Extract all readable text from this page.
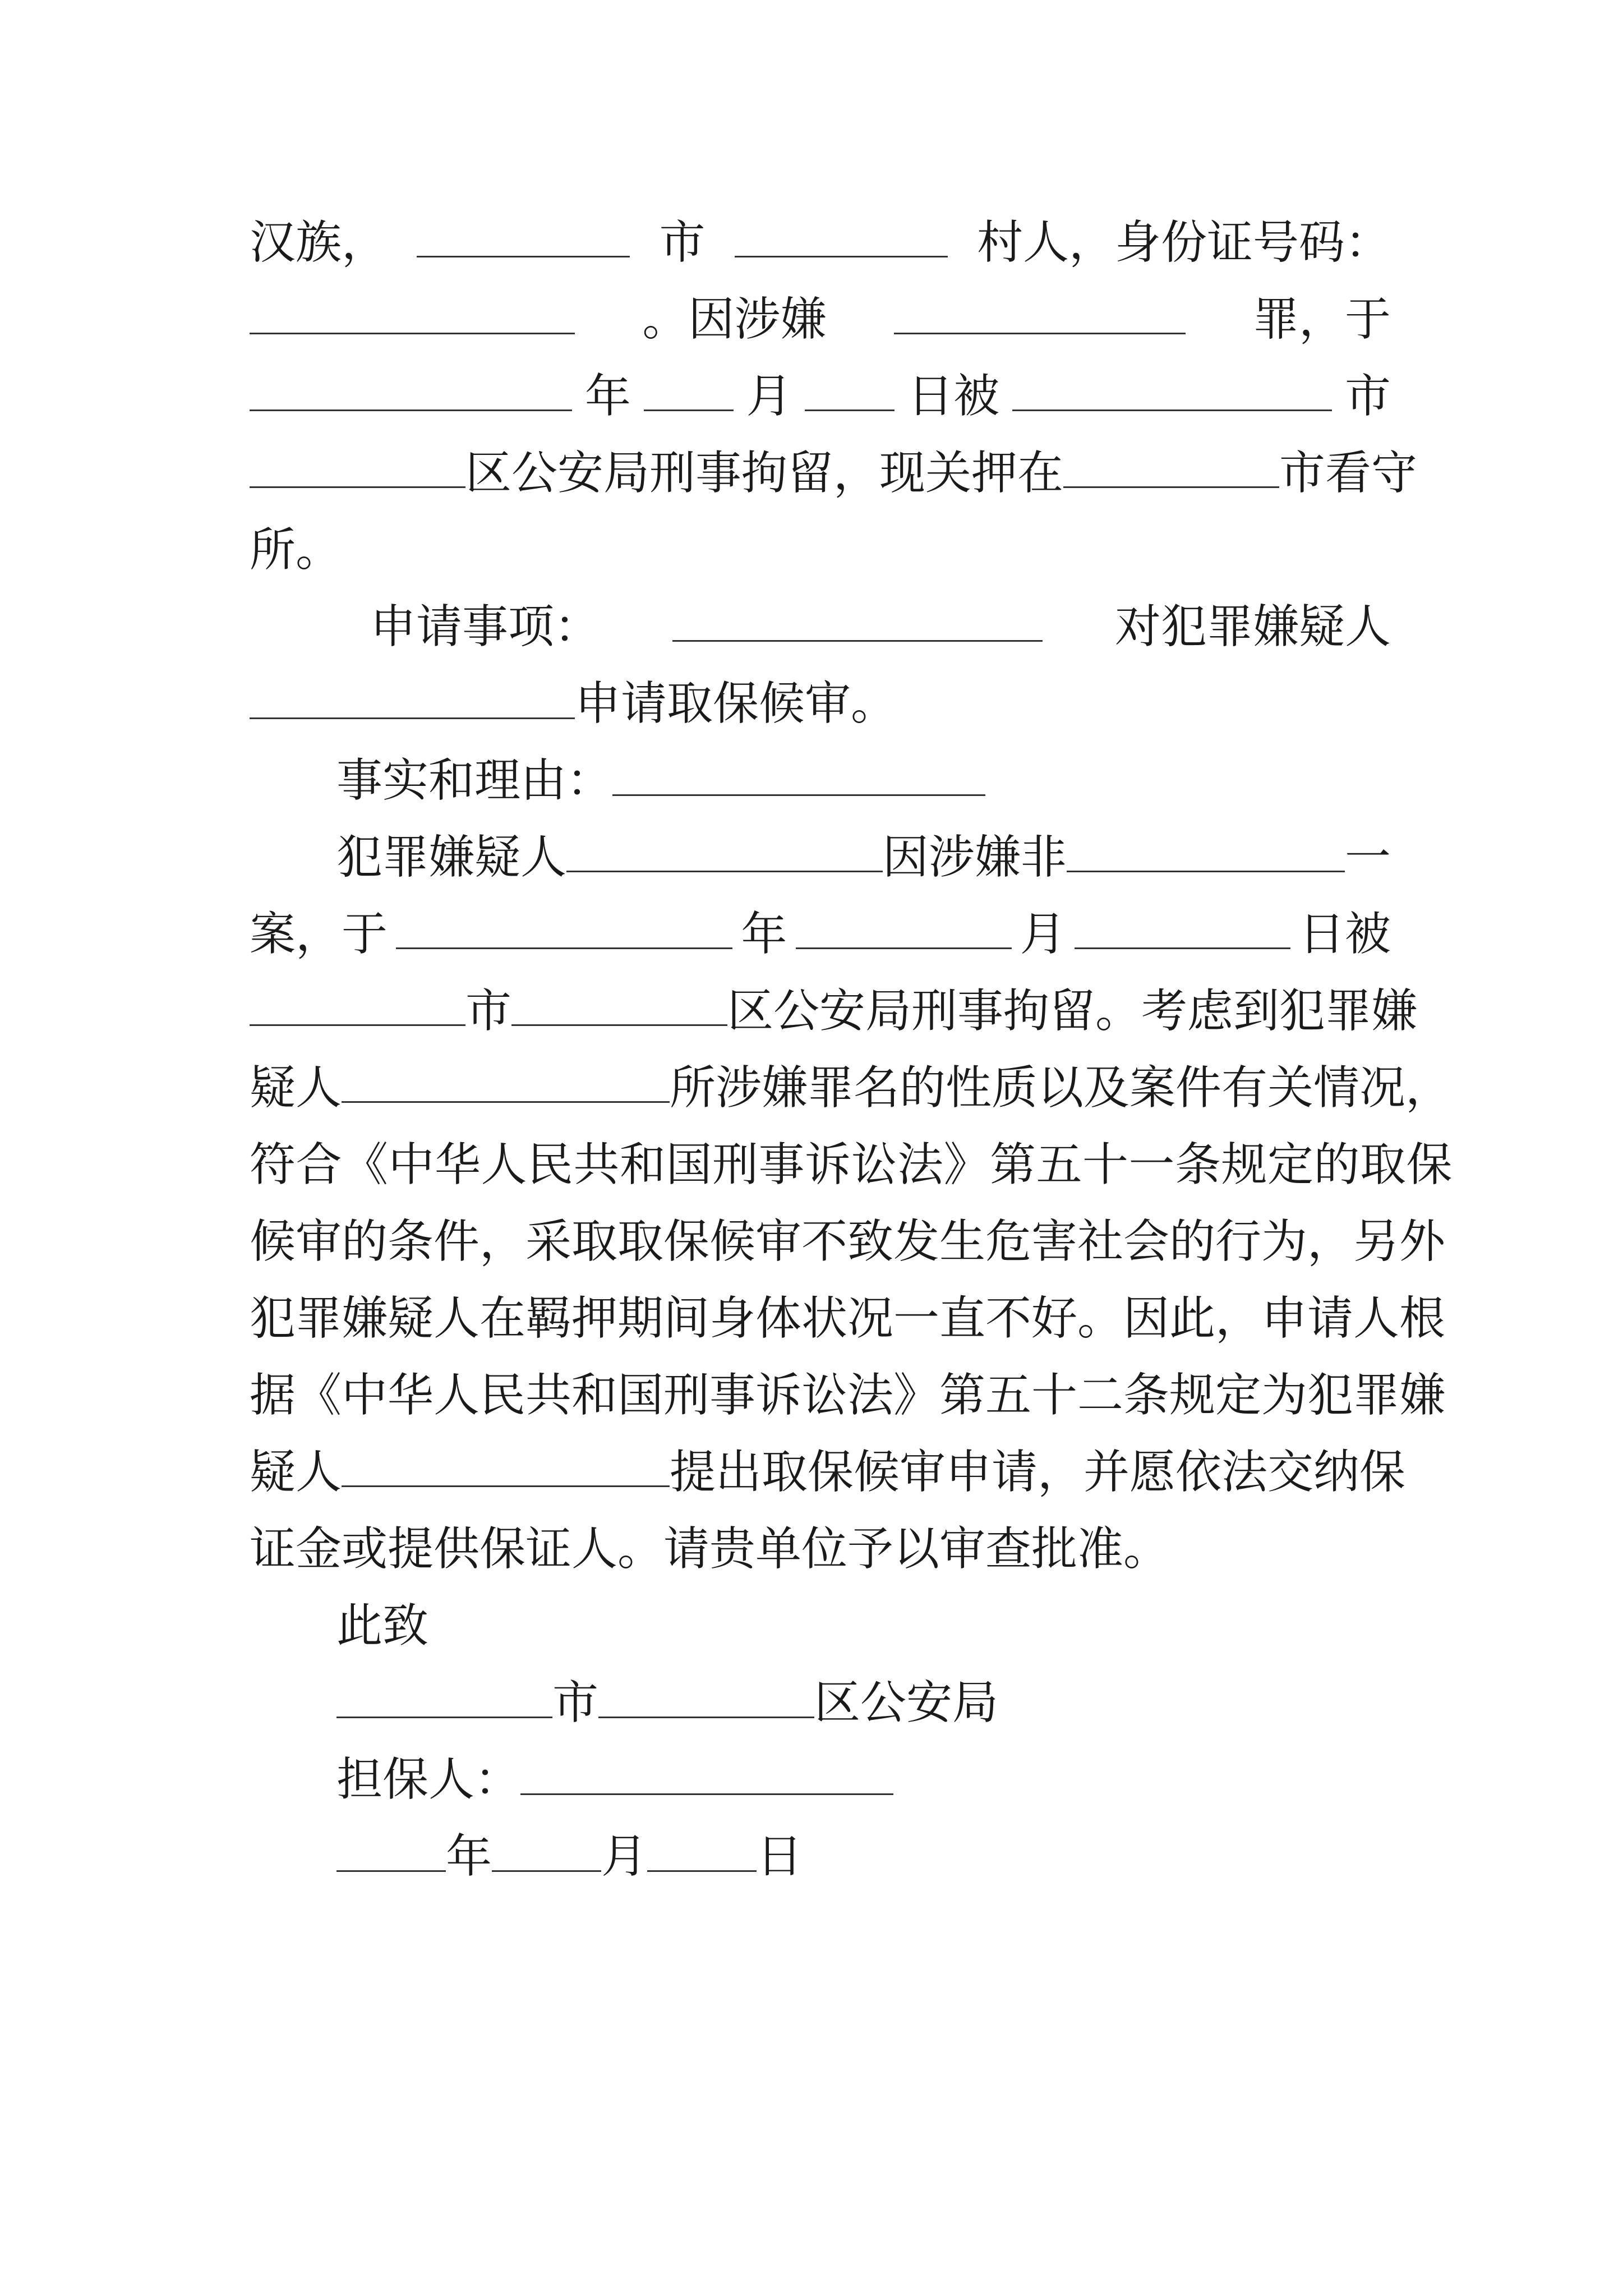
汉族，	市	村人，身份证号码：
。因涉嫌	罪，于
年	月	日被	市
区公安局刑事拘留，现关押在	市看守
所。
申请事项：	对犯罪嫌疑人
申请取保候审。
事实和理由：
犯罪嫌疑人	因涉嫌非	一
案，于	年	月	日被
市	区公安局刑事拘留。考虑到犯罪嫌
疑人	所涉嫌罪名的性质以及案件有关情况，
符合《中华人民共和国刑事诉讼法》第五十一条规定的取保
候审的条件，采取取保候审不致发生危害社会的行为，另外
犯罪嫌疑人在羁押期间身体状况一直不好。因此，申请人根
据《中华人民共和国刑事诉讼法》第五十二条规定为犯罪嫌
疑人	提出取保候审申请，并愿依法交纳保
证金或提供保证人。请贵单位予以审查批准。
此致
市	区公安局
担保人：
年 月 日
